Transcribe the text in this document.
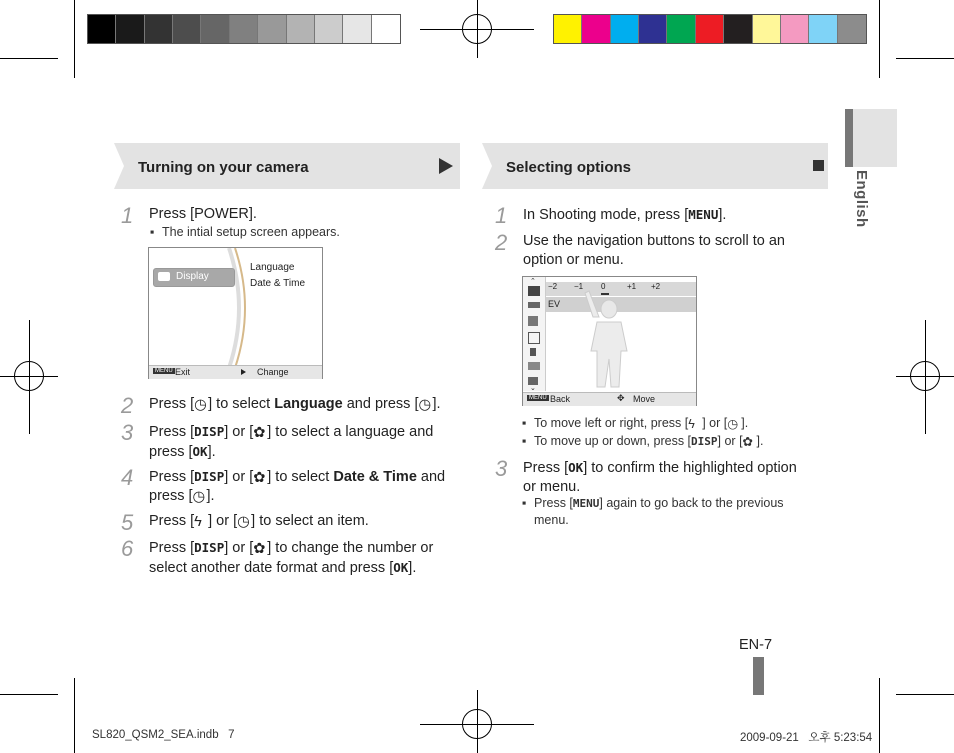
English
Turning on your camera	Selecting options
1 Press [POWER].
▪ The intial setup screen appears.
Display
Language
Date & Time
MENU Exit	Change
2 Press [◷] to select Language and press [◷].
3 Press [DISP] or [✿ ] to select a language and
press [OK].
4 Press [DISP] or [✿ ] to select Date & Time and
press [◷].
5 Press [ϟ ] or [◷] to select an item.
6 Press [DISP] or [✿ ] to change the number or
select another date format and press [OK].
1 In Shooting mode, press [MENU].
2 Use the navigation buttons to scroll to an
option or menu.
⌃
⌄
−2 −1 0	+1 +2
EV
MENU Back	✥ Move
▪ To move left or right, press [ϟ ] or [◷ ].
▪ To move up or down, press [DISP] or [✿ ].
3 Press [OK] to confirm the highlighted option
or menu.
▪ Press [MENU] again to go back to the previous
menu.
EN-7
SL820_QSM2_SEA.indb   7	2009-09-21   오후 5:23:54
